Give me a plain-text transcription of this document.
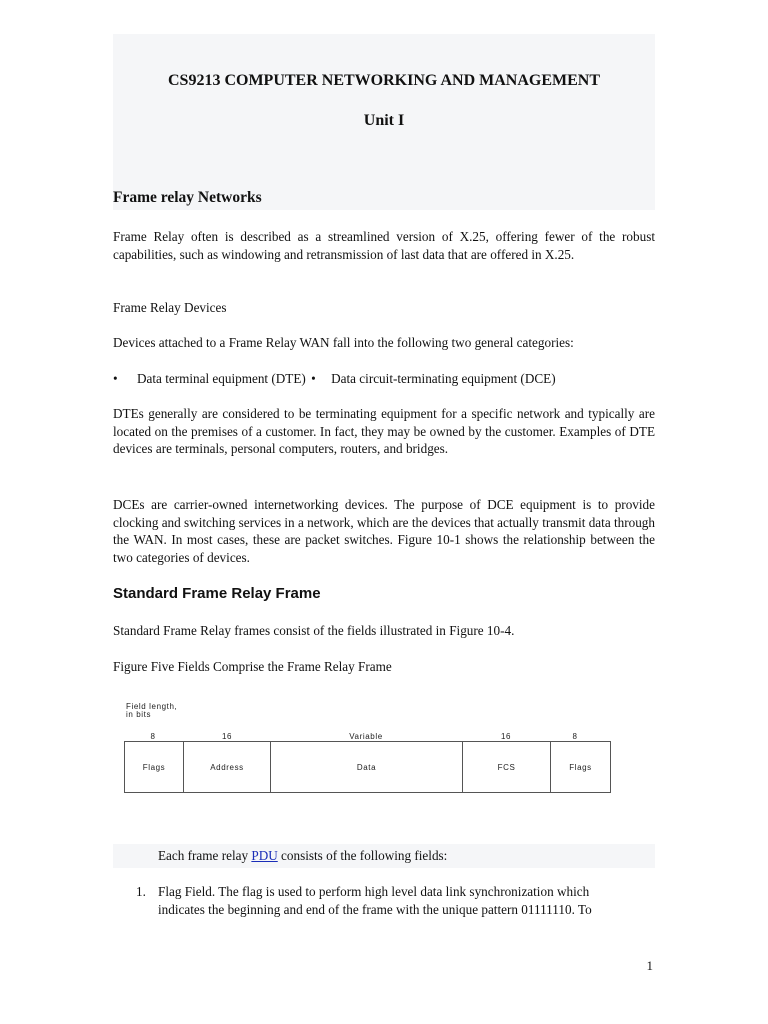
CS9213 COMPUTER NETWORKING AND MANAGEMENT

Unit I

Frame relay Networks

Frame Relay often is described as a streamlined version of X.25, offering fewer of the robust capabilities, such as windowing and retransmission of last data that are offered in X.25.

Frame Relay Devices

Devices attached to a Frame Relay WAN fall into the following two general categories:

• Data terminal equipment (DTE) • Data circuit-terminating equipment (DCE)

DTEs generally are considered to be terminating equipment for a specific network and typically are located on the premises of a customer. In fact, they may be owned by the customer. Examples of DTE devices are terminals, personal computers, routers, and bridges.

DCEs are carrier-owned internetworking devices. The purpose of DCE equipment is to provide clocking and switching services in a network, which are the devices that actually transmit data through the WAN. In most cases, these are packet switches. Figure 10-1 shows the relationship between the two categories of devices.

Standard Frame Relay Frame

Standard Frame Relay frames consist of the fields illustrated in Figure 10-4.

Figure Five Fields Comprise the Frame Relay Frame

Field length,
in bits
8	16	Variable	16	8
Flags	Address	Data	FCS	Flags

Each frame relay PDU consists of the following fields:

1. Flag Field. The flag is used to perform high level data link synchronization which

indicates the beginning and end of the frame with the unique pattern 01111110. To

1
